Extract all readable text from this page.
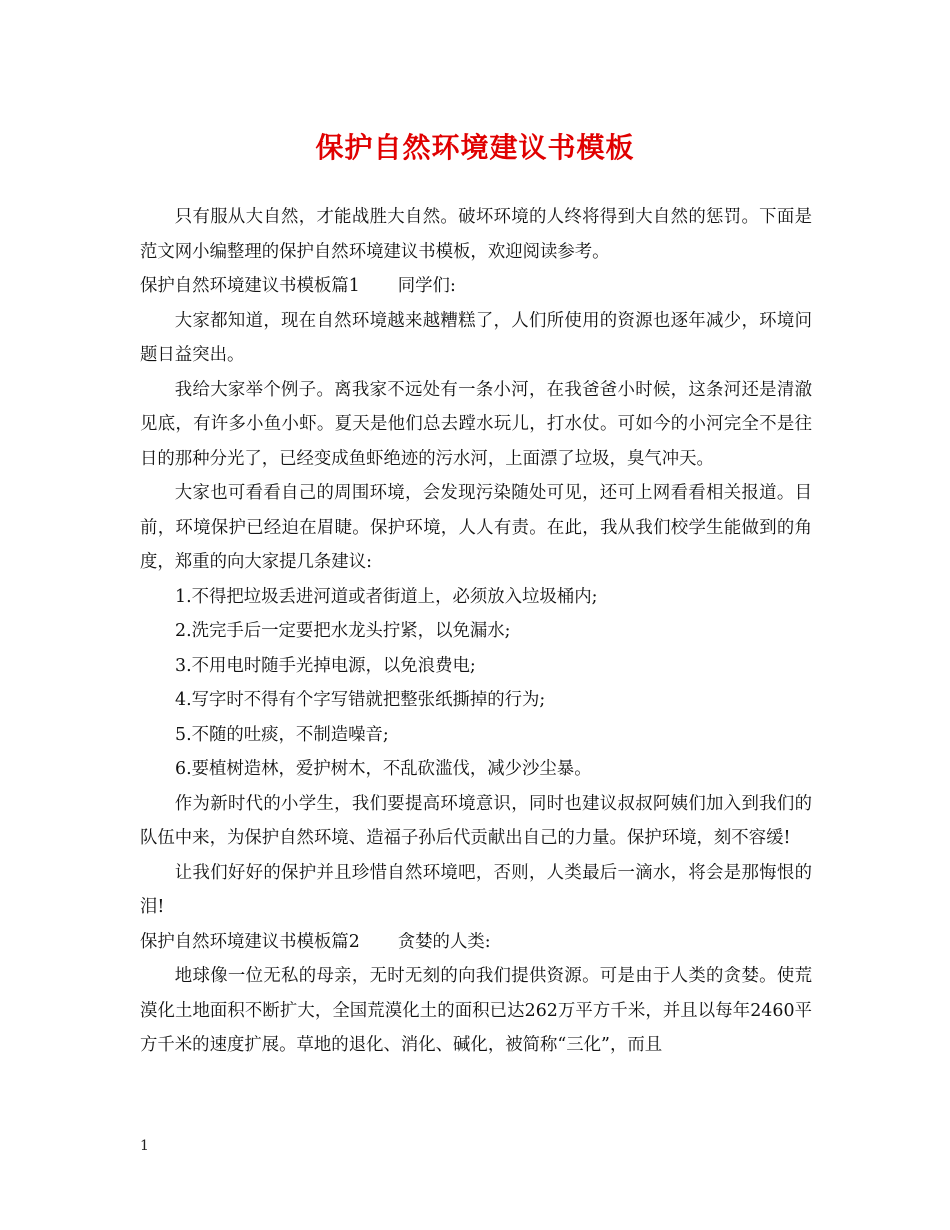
保护自然环境建议书模板

只有服从大自然，才能战胜大自然。破坏环境的人终将得到大自然的惩罚。下面是范文网小编整理的保护自然环境建议书模板，欢迎阅读参考。

保护自然环境建议书模板篇1 同学们:

大家都知道，现在自然环境越来越糟糕了，人们所使用的资源也逐年减少，环境问题日益突出。

我给大家举个例子。离我家不远处有一条小河，在我爸爸小时候，这条河还是清澈见底，有许多小鱼小虾。夏天是他们总去蹚水玩儿，打水仗。可如今的小河完全不是往日的那种分光了，已经变成鱼虾绝迹的污水河，上面漂了垃圾，臭气冲天。

大家也可看看自己的周围环境，会发现污染随处可见，还可上网看看相关报道。目前，环境保护已经迫在眉睫。保护环境，人人有责。在此，我从我们校学生能做到的角度，郑重的向大家提几条建议:

1.不得把垃圾丢进河道或者街道上，必须放入垃圾桶内;

2.洗完手后一定要把水龙头拧紧，以免漏水;

3.不用电时随手光掉电源，以免浪费电;

4.写字时不得有个字写错就把整张纸撕掉的行为;

5.不随的吐痰，不制造噪音;

6.要植树造林，爱护树木，不乱砍滥伐，减少沙尘暴。

作为新时代的小学生，我们要提高环境意识，同时也建议叔叔阿姨们加入到我们的队伍中来，为保护自然环境、造福子孙后代贡献出自己的力量。保护环境，刻不容缓!

让我们好好的保护并且珍惜自然环境吧，否则，人类最后一滴水，将会是那悔恨的泪!

保护自然环境建议书模板篇2 贪婪的人类:

地球像一位无私的母亲，无时无刻的向我们提供资源。可是由于人类的贪婪。使荒漠化土地面积不断扩大，全国荒漠化土的面积已达262万平方千米，并且以每年2460平方千米的速度扩展。草地的退化、消化、碱化，被简称“三化”，而且

1
